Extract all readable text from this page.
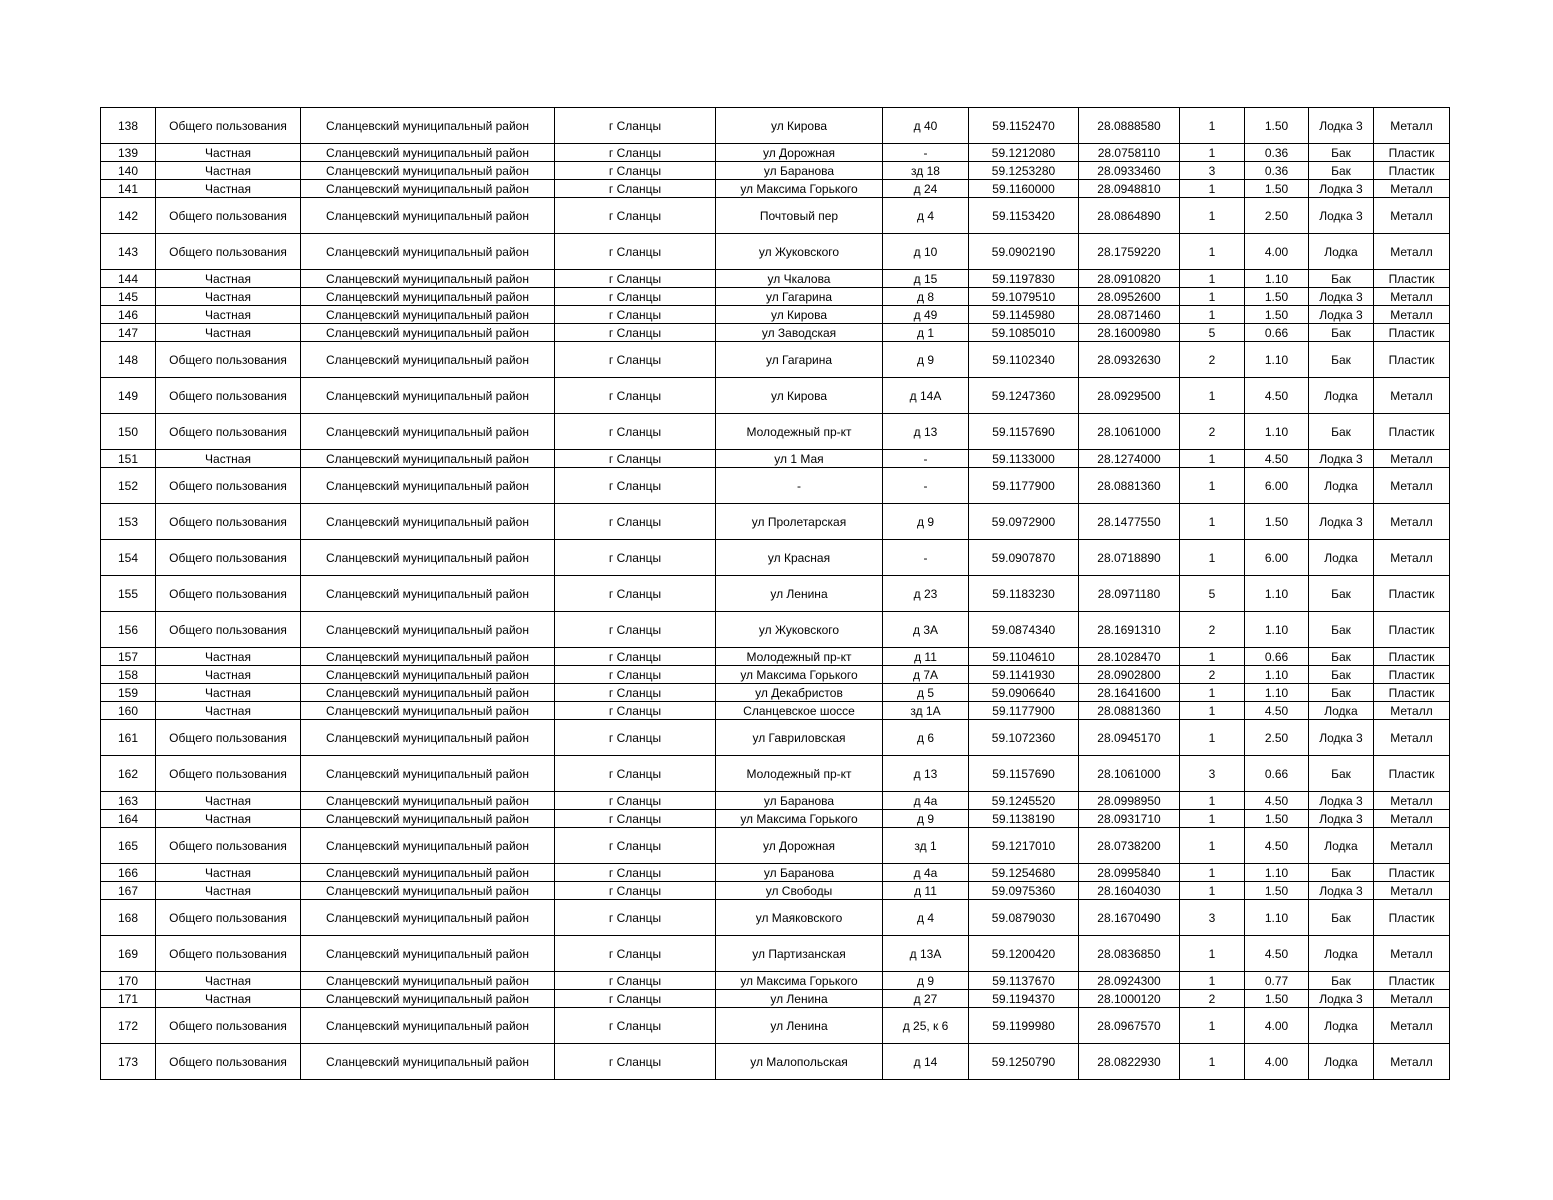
138	Общего пользования	Сланцевский муниципальный район	г Сланцы	ул Кирова	д 40	59.1152470	28.0888580	1	1.50	Лодка 3	Металл
139	Частная	Сланцевский муниципальный район	г Сланцы	ул Дорожная	-	59.1212080	28.0758110	1	0.36	Бак	Пластик
140	Частная	Сланцевский муниципальный район	г Сланцы	ул Баранова	зд 18	59.1253280	28.0933460	3	0.36	Бак	Пластик
141	Частная	Сланцевский муниципальный район	г Сланцы	ул Максима Горького	д 24	59.1160000	28.0948810	1	1.50	Лодка 3	Металл
142	Общего пользования	Сланцевский муниципальный район	г Сланцы	Почтовый пер	д 4	59.1153420	28.0864890	1	2.50	Лодка 3	Металл
143	Общего пользования	Сланцевский муниципальный район	г Сланцы	ул Жуковского	д 10	59.0902190	28.1759220	1	4.00	Лодка	Металл
144	Частная	Сланцевский муниципальный район	г Сланцы	ул Чкалова	д 15	59.1197830	28.0910820	1	1.10	Бак	Пластик
145	Частная	Сланцевский муниципальный район	г Сланцы	ул Гагарина	д 8	59.1079510	28.0952600	1	1.50	Лодка 3	Металл
146	Частная	Сланцевский муниципальный район	г Сланцы	ул Кирова	д 49	59.1145980	28.0871460	1	1.50	Лодка 3	Металл
147	Частная	Сланцевский муниципальный район	г Сланцы	ул Заводская	д 1	59.1085010	28.1600980	5	0.66	Бак	Пластик
148	Общего пользования	Сланцевский муниципальный район	г Сланцы	ул Гагарина	д 9	59.1102340	28.0932630	2	1.10	Бак	Пластик
149	Общего пользования	Сланцевский муниципальный район	г Сланцы	ул Кирова	д 14А	59.1247360	28.0929500	1	4.50	Лодка	Металл
150	Общего пользования	Сланцевский муниципальный район	г Сланцы	Молодежный пр-кт	д 13	59.1157690	28.1061000	2	1.10	Бак	Пластик
151	Частная	Сланцевский муниципальный район	г Сланцы	ул 1 Мая	-	59.1133000	28.1274000	1	4.50	Лодка 3	Металл
152	Общего пользования	Сланцевский муниципальный район	г Сланцы	-	-	59.1177900	28.0881360	1	6.00	Лодка	Металл
153	Общего пользования	Сланцевский муниципальный район	г Сланцы	ул Пролетарская	д 9	59.0972900	28.1477550	1	1.50	Лодка 3	Металл
154	Общего пользования	Сланцевский муниципальный район	г Сланцы	ул Красная	-	59.0907870	28.0718890	1	6.00	Лодка	Металл
155	Общего пользования	Сланцевский муниципальный район	г Сланцы	ул Ленина	д 23	59.1183230	28.0971180	5	1.10	Бак	Пластик
156	Общего пользования	Сланцевский муниципальный район	г Сланцы	ул Жуковского	д 3А	59.0874340	28.1691310	2	1.10	Бак	Пластик
157	Частная	Сланцевский муниципальный район	г Сланцы	Молодежный пр-кт	д 11	59.1104610	28.1028470	1	0.66	Бак	Пластик
158	Частная	Сланцевский муниципальный район	г Сланцы	ул Максима Горького	д 7А	59.1141930	28.0902800	2	1.10	Бак	Пластик
159	Частная	Сланцевский муниципальный район	г Сланцы	ул Декабристов	д 5	59.0906640	28.1641600	1	1.10	Бак	Пластик
160	Частная	Сланцевский муниципальный район	г Сланцы	Сланцевское шоссе	зд 1А	59.1177900	28.0881360	1	4.50	Лодка	Металл
161	Общего пользования	Сланцевский муниципальный район	г Сланцы	ул Гавриловская	д 6	59.1072360	28.0945170	1	2.50	Лодка 3	Металл
162	Общего пользования	Сланцевский муниципальный район	г Сланцы	Молодежный пр-кт	д 13	59.1157690	28.1061000	3	0.66	Бак	Пластик
163	Частная	Сланцевский муниципальный район	г Сланцы	ул Баранова	д 4а	59.1245520	28.0998950	1	4.50	Лодка 3	Металл
164	Частная	Сланцевский муниципальный район	г Сланцы	ул Максима Горького	д 9	59.1138190	28.0931710	1	1.50	Лодка 3	Металл
165	Общего пользования	Сланцевский муниципальный район	г Сланцы	ул Дорожная	зд 1	59.1217010	28.0738200	1	4.50	Лодка	Металл
166	Частная	Сланцевский муниципальный район	г Сланцы	ул Баранова	д 4а	59.1254680	28.0995840	1	1.10	Бак	Пластик
167	Частная	Сланцевский муниципальный район	г Сланцы	ул Свободы	д 11	59.0975360	28.1604030	1	1.50	Лодка 3	Металл
168	Общего пользования	Сланцевский муниципальный район	г Сланцы	ул Маяковского	д 4	59.0879030	28.1670490	3	1.10	Бак	Пластик
169	Общего пользования	Сланцевский муниципальный район	г Сланцы	ул Партизанская	д 13А	59.1200420	28.0836850	1	4.50	Лодка	Металл
170	Частная	Сланцевский муниципальный район	г Сланцы	ул Максима Горького	д 9	59.1137670	28.0924300	1	0.77	Бак	Пластик
171	Частная	Сланцевский муниципальный район	г Сланцы	ул Ленина	д 27	59.1194370	28.1000120	2	1.50	Лодка 3	Металл
172	Общего пользования	Сланцевский муниципальный район	г Сланцы	ул Ленина	д 25, к 6	59.1199980	28.0967570	1	4.00	Лодка	Металл
173	Общего пользования	Сланцевский муниципальный район	г Сланцы	ул Малопольская	д 14	59.1250790	28.0822930	1	4.00	Лодка	Металл
